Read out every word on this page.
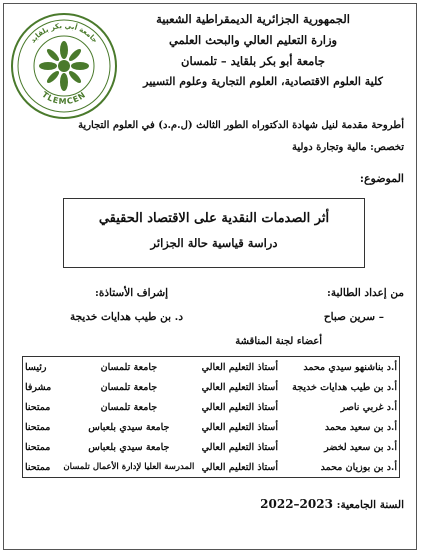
جامعة أبي بكر بلقايد
TLEMCEN
الجمهورية الجزائرية الديمقراطية الشعبية
وزارة التعليم العالي والبحث العلمي
جامعة أبو بكر بلقايد – تلمسان
كلية العلوم الاقتصادية، العلوم التجارية وعلوم التسيير
أطروحة مقدمة لنيل شهادة الدكتوراه الطور الثالث (ل.م.د) في العلوم التجارية
تخصص: مالية وتجارة دولية
الموضوع:
أثر الصدمات النقدية على الاقتصاد الحقيقي
دراسة قياسية حالة الجزائر
من إعداد الطالبة:
إشراف الأستاذة:
– سرين صباح
د. بن طيب هدايات خديجة
أعضاء لجنة المناقشة
أ.د بناشنهو سيدي محمد	أستاذ التعليم العالي	جامعة تلمسان	رئيسا
أ.د بن طيب هدايات خديجة	أستاذ التعليم العالي	جامعة تلمسان	مشرفا
أ.د غربي ناصر	أستاذ التعليم العالي	جامعة تلمسان	ممتحنا
أ.د بن سعيد محمد	أستاذ التعليم العالي	جامعة سيدي بلعباس	ممتحنا
أ.د بن سعيد لخضر	أستاذ التعليم العالي	جامعة سيدي بلعباس	ممتحنا
أ.د بن بوزيان محمد	أستاذ التعليم العالي	المدرسة العليا لإدارة الأعمال تلمسان	ممتحنا
السنة الجامعية: 2022–2023
